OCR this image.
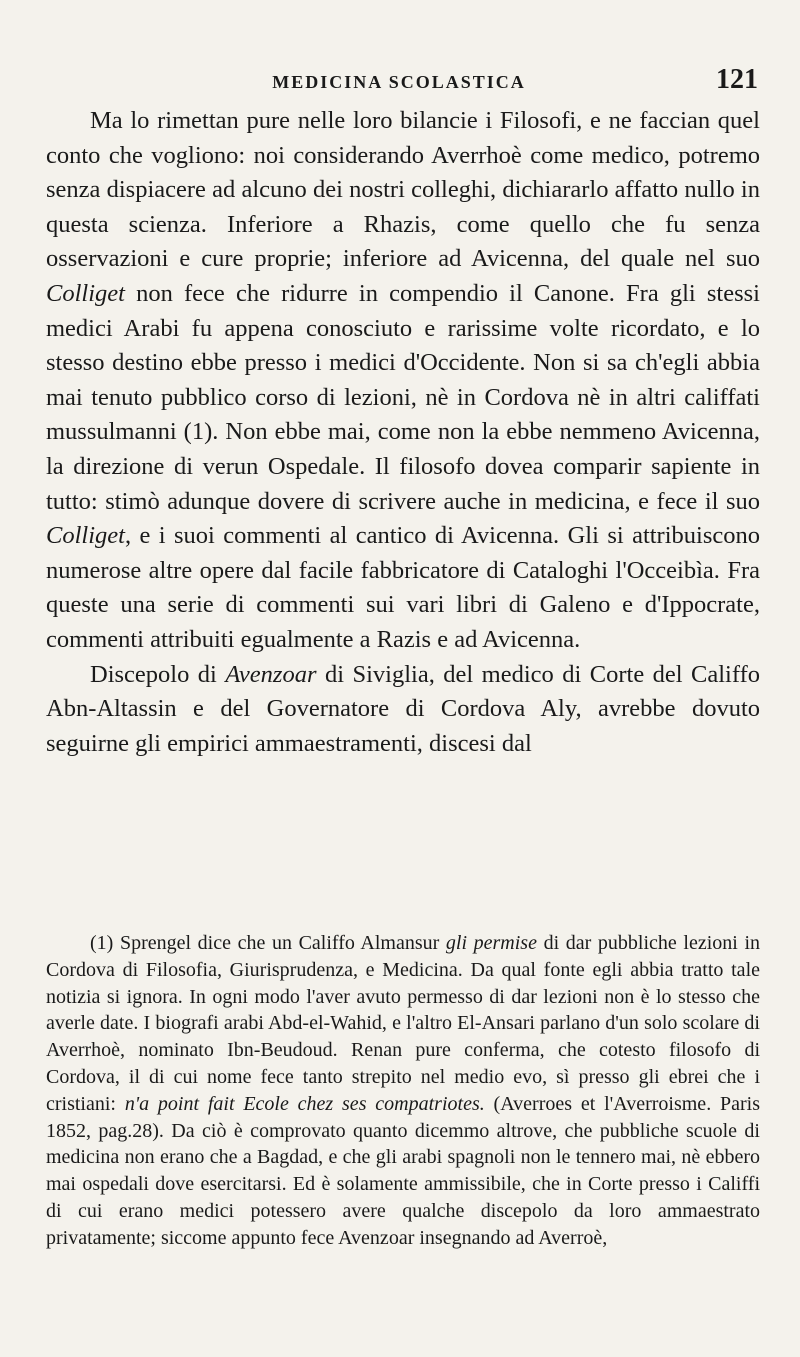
MEDICINA SCOLASTICA	121

Ma lo rimettan pure nelle loro bilancie i Filosofi, e ne faccian quel conto che vogliono: noi considerando Averrhoè come medico, potremo senza dispiacere ad alcuno dei nostri colleghi, dichiararlo affatto nullo in questa scienza. Inferiore a Rhazis, come quello che fu senza osservazioni e cure proprie; inferiore ad Avicenna, del quale nel suo Colliget non fece che ridurre in compendio il Canone. Fra gli stessi medici Arabi fu appena conosciuto e rarissime volte ricordato, e lo stesso destino ebbe presso i medici d'Occidente. Non si sa ch'egli abbia mai tenuto pubblico corso di lezioni, nè in Cordova nè in altri califfati mussulmanni (1). Non ebbe mai, come non la ebbe nemmeno Avicenna, la direzione di verun Ospedale. Il filosofo dovea comparir sapiente in tutto: stimò adunque dovere di scrivere auche in medicina, e fece il suo Colliget, e i suoi commenti al cantico di Avicenna. Gli si attribuiscono numerose altre opere dal facile fabbricatore di Cataloghi l'Occeibìa. Fra queste una serie di commenti sui vari libri di Galeno e d'Ippocrate, commenti attribuiti egualmente a Razis e ad Avicenna.

Discepolo di Avenzoar di Siviglia, del medico di Corte del Califfo Abn-Altassin e del Governatore di Cordova Aly, avrebbe dovuto seguirne gli empirici ammaestramenti, discesi dal

(1) Sprengel dice che un Califfo Almansur gli permise di dar pubbliche lezioni in Cordova di Filosofia, Giurisprudenza, e Medicina. Da qual fonte egli abbia tratto tale notizia si ignora. In ogni modo l'aver avuto permesso di dar lezioni non è lo stesso che averle date. I biografi arabi Abd-el-Wahid, e l'altro El-Ansari parlano d'un solo scolare di Averrhoè, nominato Ibn-Beudoud. Renan pure conferma, che cotesto filosofo di Cordova, il di cui nome fece tanto strepito nel medio evo, sì presso gli ebrei che i cristiani: n'a point fait Ecole chez ses compatriotes. (Averroes et l'Averroisme. Paris 1852, pag.28). Da ciò è comprovato quanto dicemmo altrove, che pubbliche scuole di medicina non erano che a Bagdad, e che gli arabi spagnoli non le tennero mai, nè ebbero mai ospedali dove esercitarsi. Ed è solamente ammissibile, che in Corte presso i Califfi di cui erano medici potessero avere qualche discepolo da loro ammaestrato privatamente; siccome appunto fece Avenzoar insegnando ad Averroè,
